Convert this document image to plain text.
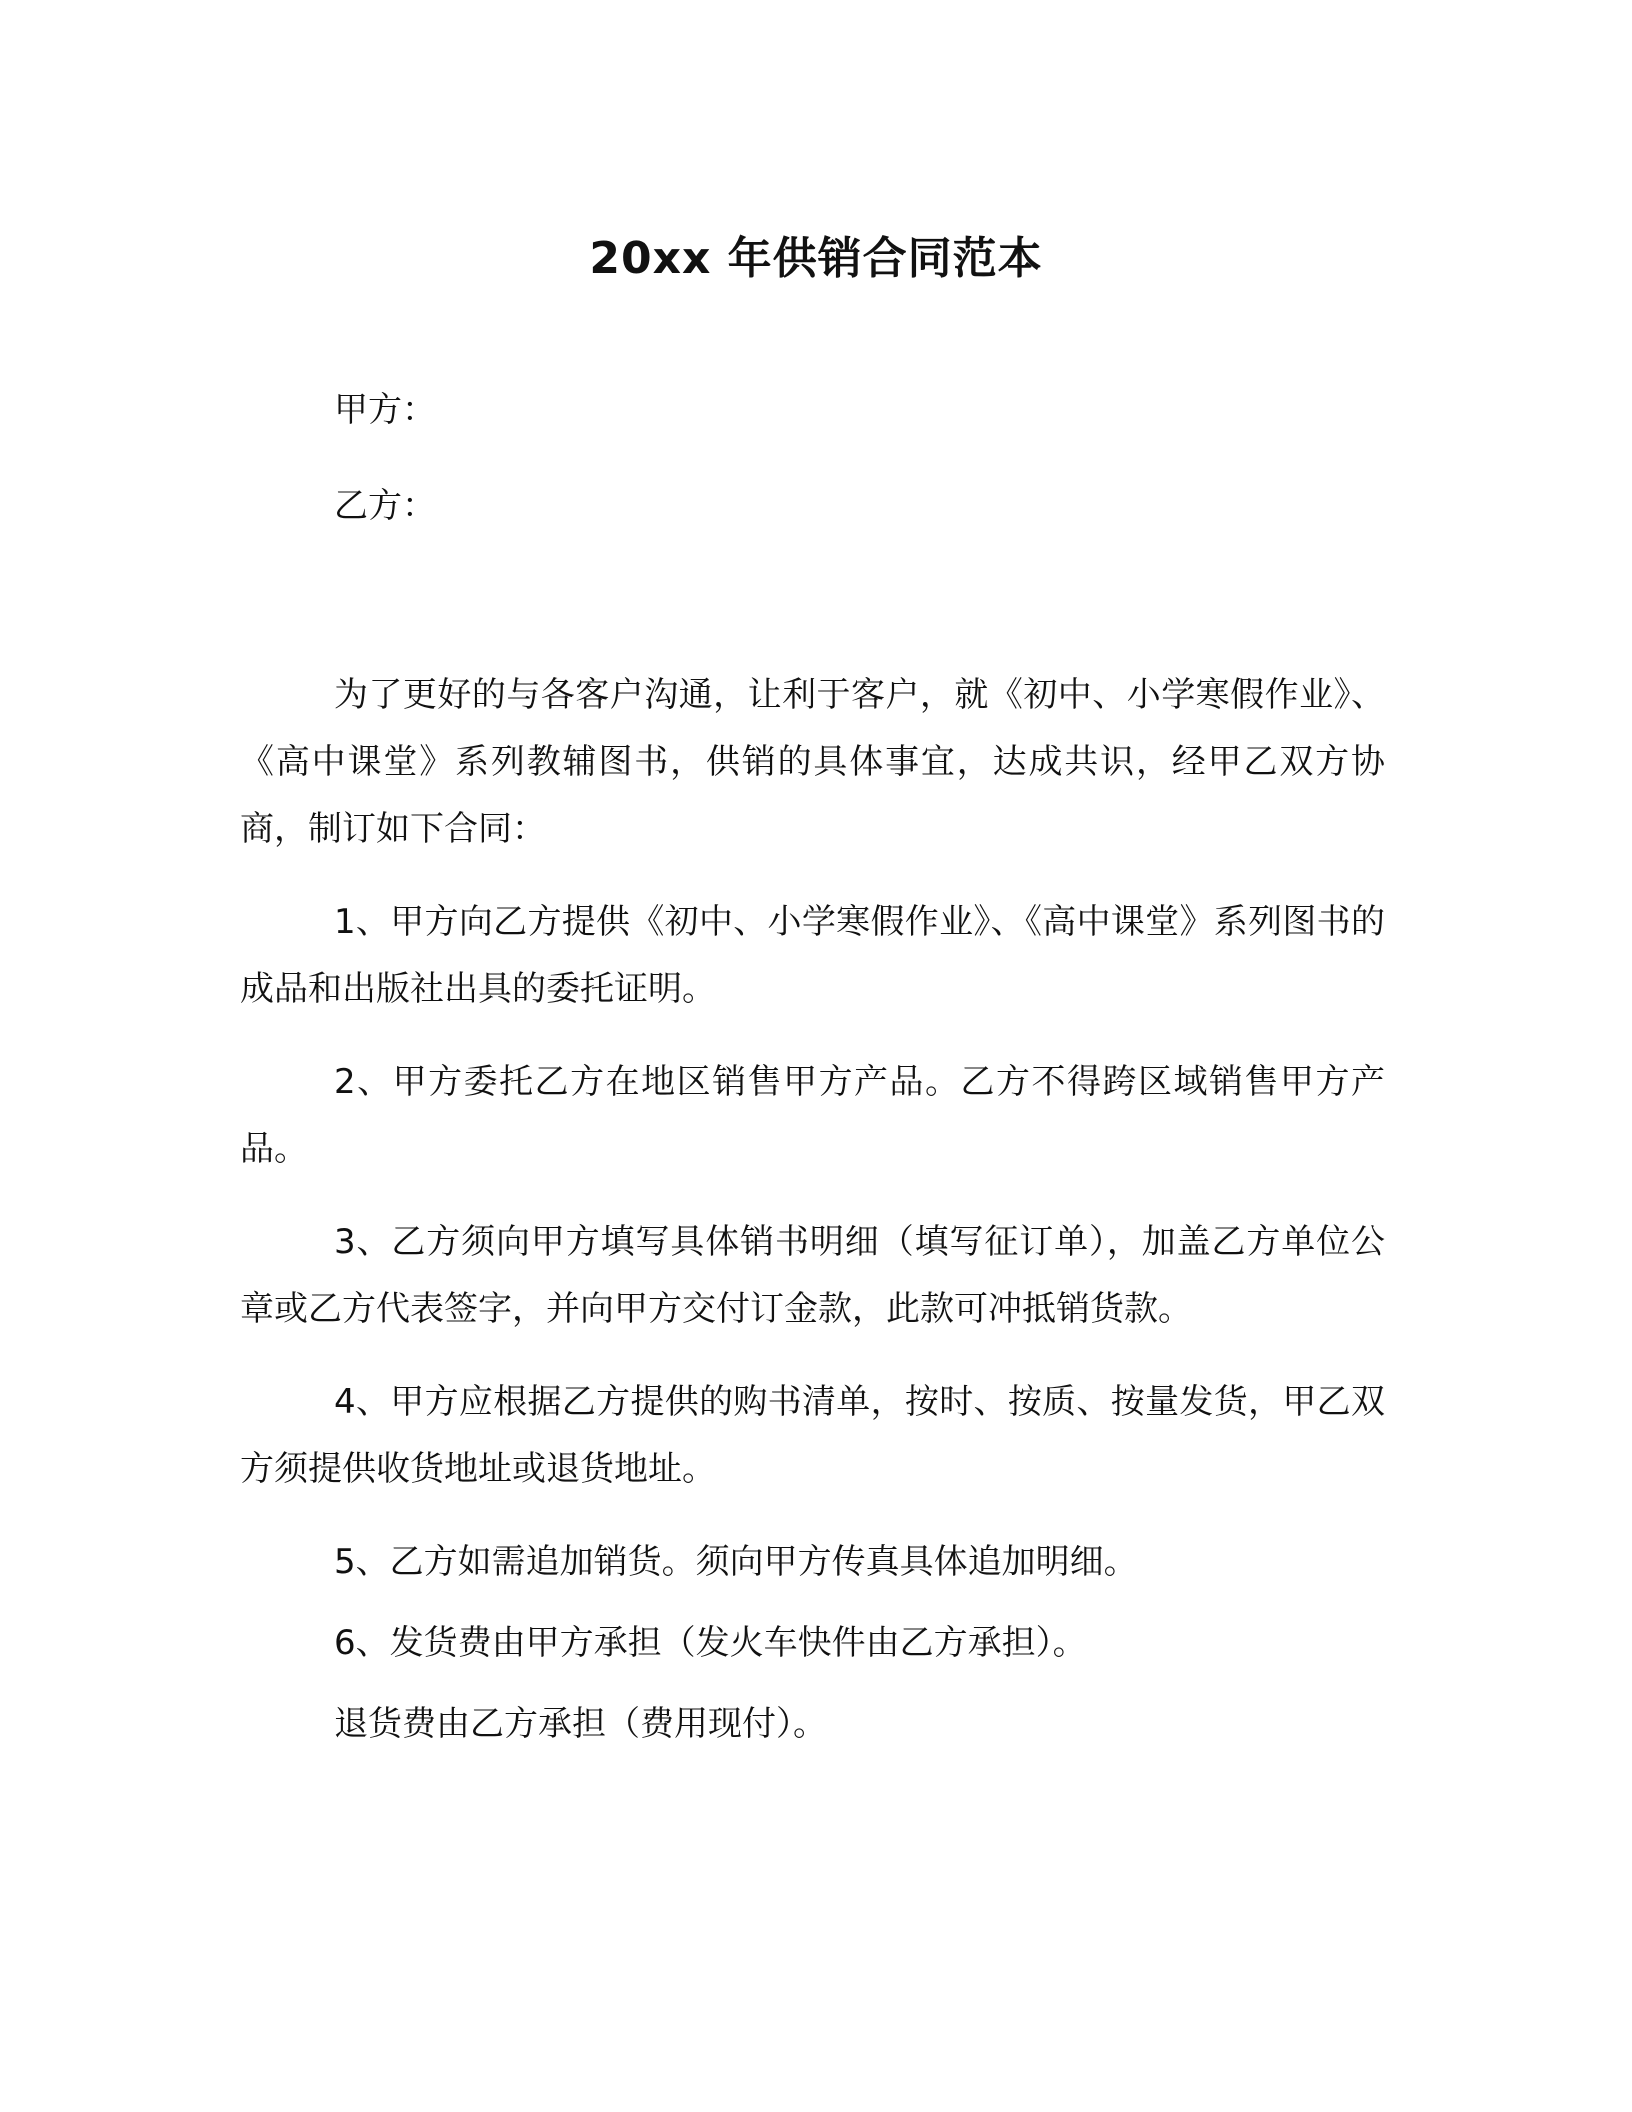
20xx 年供销合同范本
甲方：
乙方：

为了更好的与各客户沟通，让利于客户，就《初中、小学寒假作业》、《高中课堂》系列教辅图书，供销的具体事宜，达成共识，经甲乙双方协商，制订如下合同：

1、甲方向乙方提供《初中、小学寒假作业》、《高中课堂》系列图书的成品和出版社出具的委托证明。

2、甲方委托乙方在地区销售甲方产品。乙方不得跨区域销售甲方产品。

3、乙方须向甲方填写具体销书明细（填写征订单），加盖乙方单位公章或乙方代表签字，并向甲方交付订金款，此款可冲抵销货款。

4、甲方应根据乙方提供的购书清单，按时、按质、按量发货，甲乙双方须提供收货地址或退货地址。

5、乙方如需追加销货。须向甲方传真具体追加明细。

6、发货费由甲方承担（发火车快件由乙方承担）。

退货费由乙方承担（费用现付）。
